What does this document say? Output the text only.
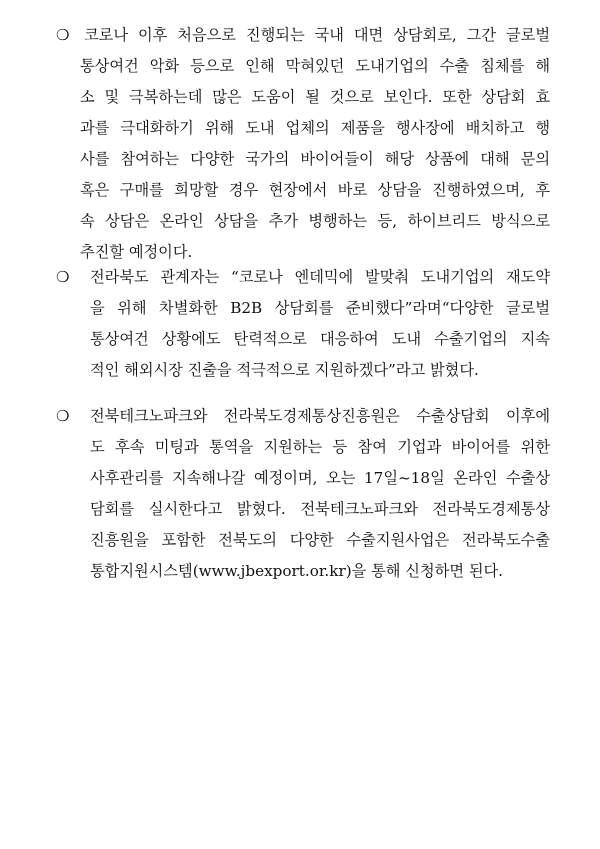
❍ 코로나 이후 처음으로 진행되는 국내 대면 상담회로, 그간 글로벌
통상여건 악화 등으로 인해 막혀있던 도내기업의 수출 침체를 해
소 및 극복하는데 많은 도움이 될 것으로 보인다. 또한 상담회 효
과를 극대화하기 위해 도내 업체의 제품을 행사장에 배치하고 행
사를 참여하는 다양한 국가의 바이어들이 해당 상품에 대해 문의
혹은 구매를 희망할 경우 현장에서 바로 상담을 진행하였으며, 후
속 상담은 온라인 상담을 추가 병행하는 등, 하이브리드 방식으로
추진할 예정이다.
❍ 전라북도 관계자는 “코로나 엔데믹에 발맞춰 도내기업의 재도약
을 위해 차별화한 B2B 상담회를 준비했다”라며“다양한 글로벌
통상여건 상황에도 탄력적으로 대응하여 도내 수출기업의 지속
적인 해외시장 진출을 적극적으로 지원하겠다”라고 밝혔다.
❍ 전북테크노파크와 전라북도경제통상진흥원은 수출상담회 이후에
도 후속 미팅과 통역을 지원하는 등 참여 기업과 바이어를 위한
사후관리를 지속해나갈 예정이며, 오는 17일~18일 온라인 수출상
담회를 실시한다고 밝혔다. 전북테크노파크와 전라북도경제통상
진흥원을 포함한 전북도의 다양한 수출지원사업은 전라북도수출
통합지원시스템(www.jbexport.or.kr)을 통해 신청하면 된다.
